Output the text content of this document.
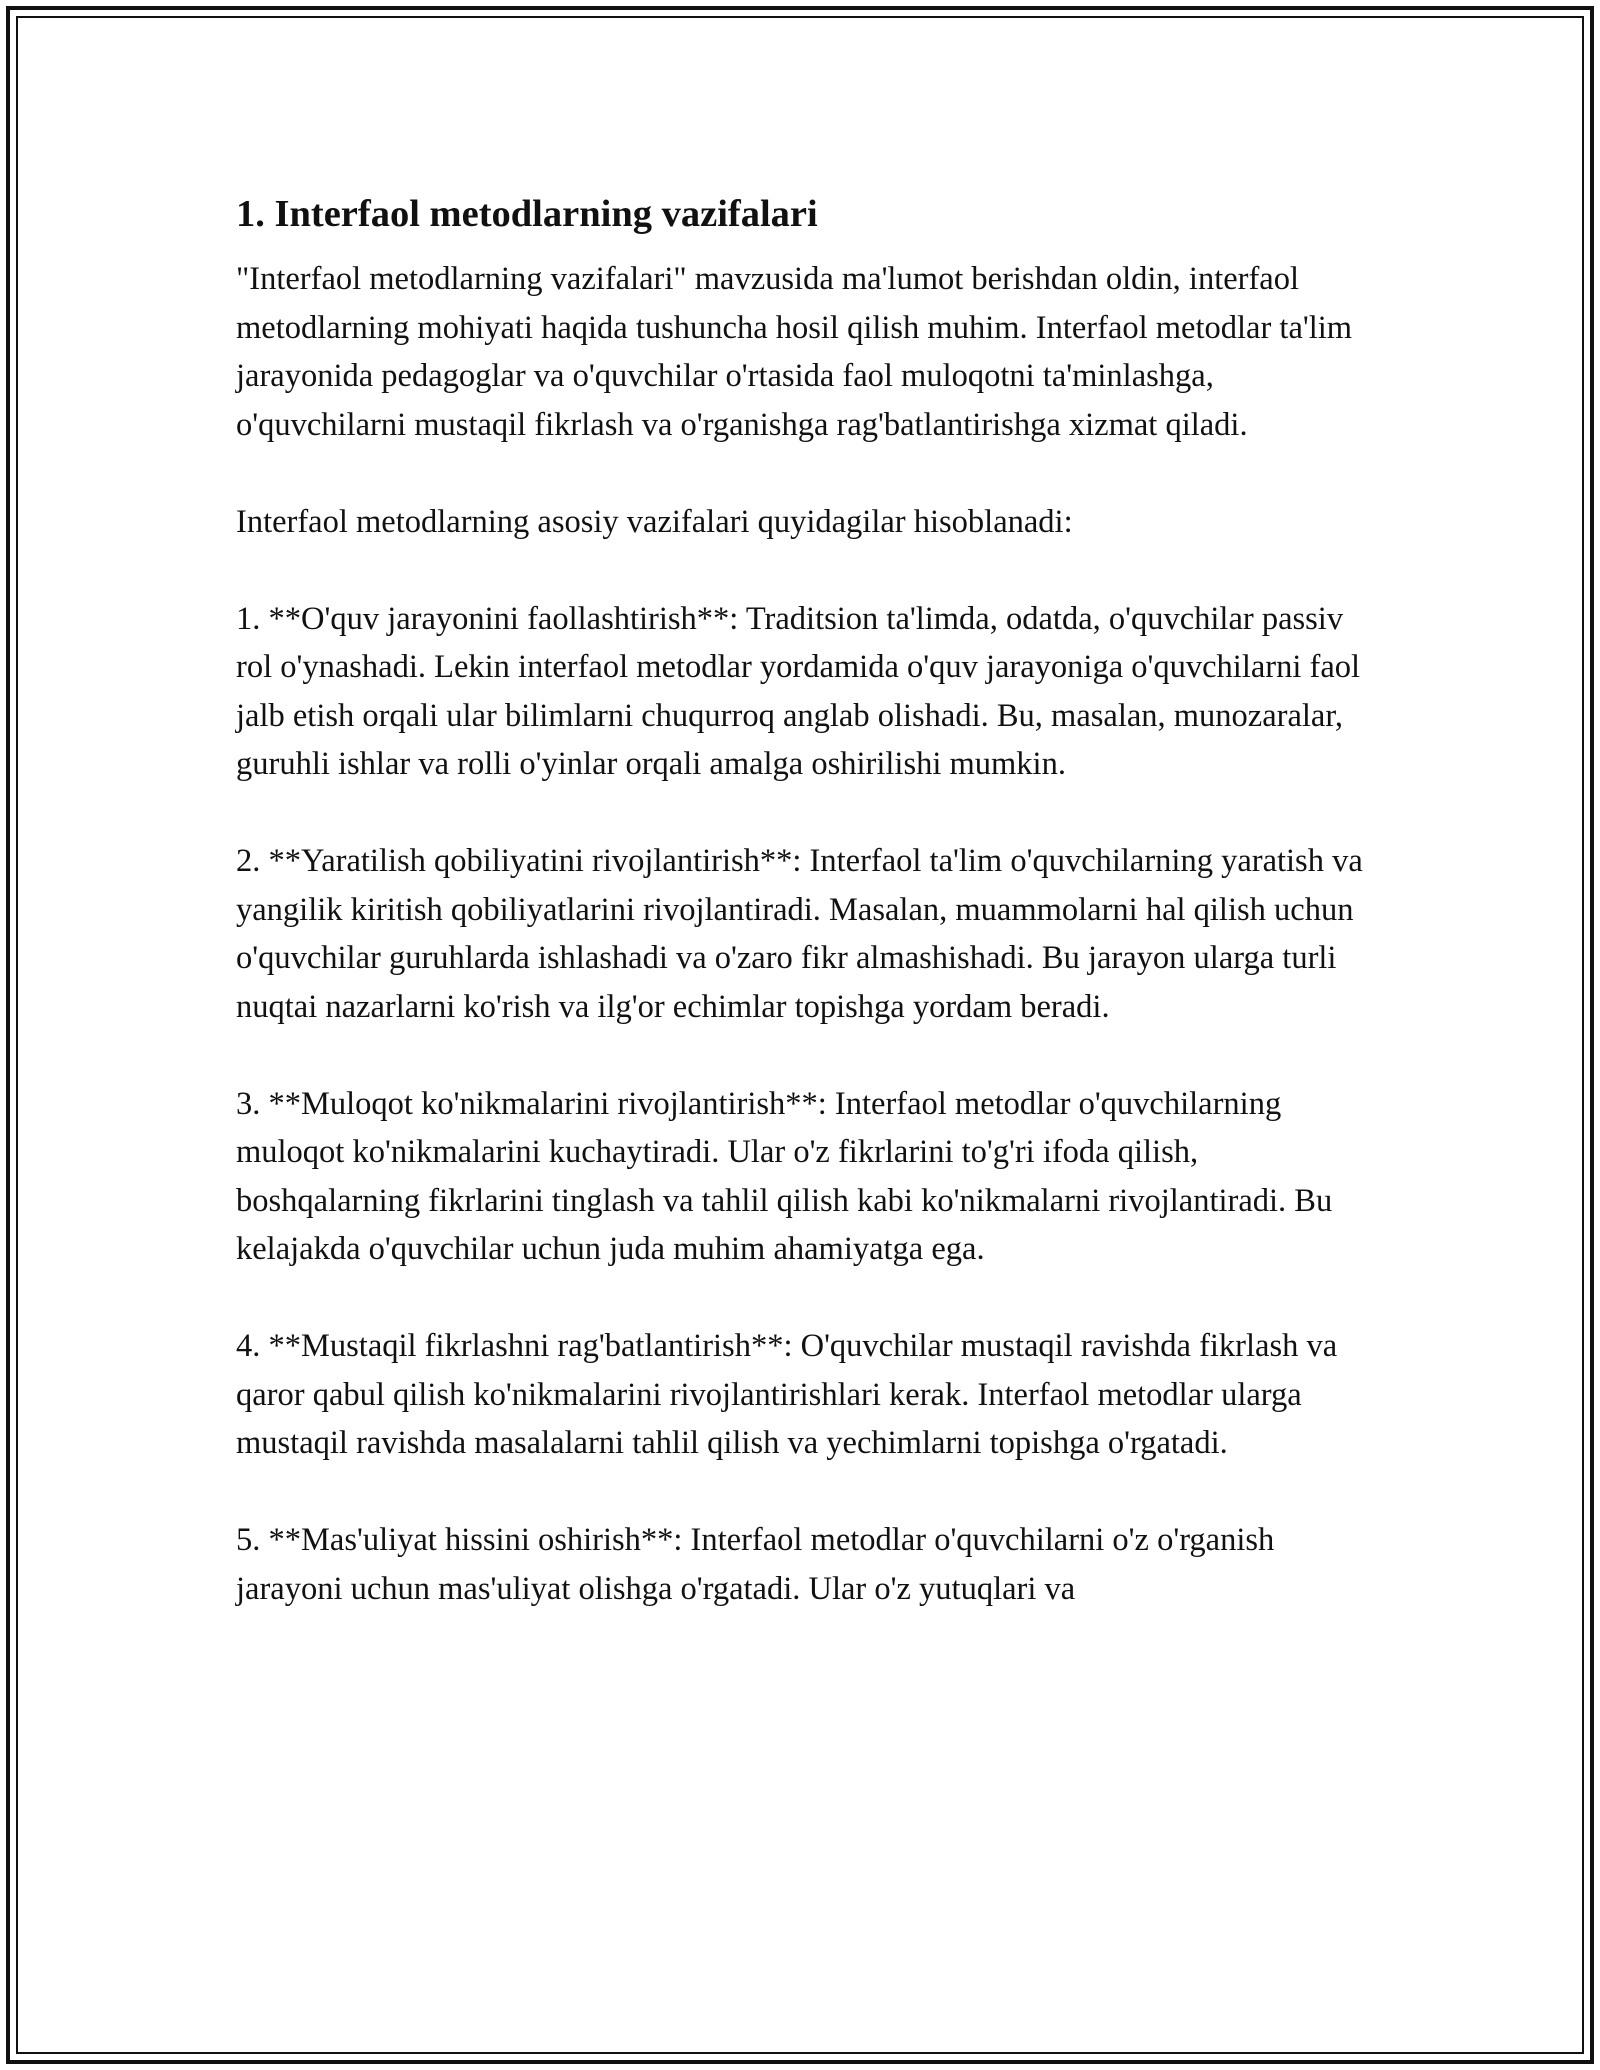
1. Interfaol metodlarning vazifalari

"Interfaol metodlarning vazifalari" mavzusida ma'lumot berishdan oldin, interfaol metodlarning mohiyati haqida tushuncha hosil qilish muhim. Interfaol metodlar ta'lim jarayonida pedagoglar va o'quvchilar o'rtasida faol muloqotni ta'minlashga, o'quvchilarni mustaqil fikrlash va o'rganishga rag'batlantirishga xizmat qiladi.

Interfaol metodlarning asosiy vazifalari quyidagilar hisoblanadi:

1. **O'quv jarayonini faollashtirish**: Traditsion ta'limda, odatda, o'quvchilar passiv rol o'ynashadi. Lekin interfaol metodlar yordamida o'quv jarayoniga o'quvchilarni faol jalb etish orqali ular bilimlarni chuqurroq anglab olishadi. Bu, masalan, munozaralar, guruhli ishlar va rolli o'yinlar orqali amalga oshirilishi mumkin.

2. **Yaratilish qobiliyatini rivojlantirish**: Interfaol ta'lim o'quvchilarning yaratish va yangilik kiritish qobiliyatlarini rivojlantiradi. Masalan, muammolarni hal qilish uchun o'quvchilar guruhlarda ishlashadi va o'zaro fikr almashishadi. Bu jarayon ularga turli nuqtai nazarlarni ko'rish va ilg'or echimlar topishga yordam beradi.

3. **Muloqot ko'nikmalarini rivojlantirish**: Interfaol metodlar o'quvchilarning muloqot ko'nikmalarini kuchaytiradi. Ular o'z fikrlarini to'g'ri ifoda qilish, boshqalarning fikrlarini tinglash va tahlil qilish kabi ko'nikmalarni rivojlantiradi. Bu kelajakda o'quvchilar uchun juda muhim ahamiyatga ega.

4. **Mustaqil fikrlashni rag'batlantirish**: O'quvchilar mustaqil ravishda fikrlash va qaror qabul qilish ko'nikmalarini rivojlantirishlari kerak. Interfaol metodlar ularga mustaqil ravishda masalalarni tahlil qilish va yechimlarni topishga o'rgatadi.

5. **Mas'uliyat hissini oshirish**: Interfaol metodlar o'quvchilarni o'z o'rganish jarayoni uchun mas'uliyat olishga o'rgatadi. Ular o'z yutuqlari va
